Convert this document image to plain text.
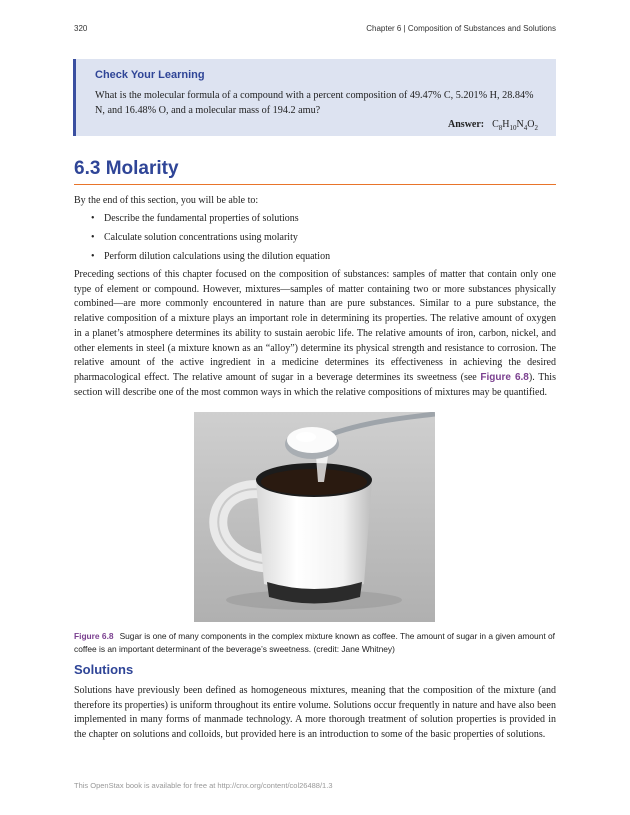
320	Chapter 6 | Composition of Substances and Solutions
Check Your Learning
What is the molecular formula of a compound with a percent composition of 49.47% C, 5.201% H, 28.84% N, and 16.48% O, and a molecular mass of 194.2 amu?
Answer: $C_8H_{10}N_4O_2$
6.3 Molarity
By the end of this section, you will be able to:
• Describe the fundamental properties of solutions
• Calculate solution concentrations using molarity
• Perform dilution calculations using the dilution equation

Preceding sections of this chapter focused on the composition of substances: samples of matter that contain only one type of element or compound. However, mixtures—samples of matter containing two or more substances physically combined—are more commonly encountered in nature than are pure substances. Similar to a pure substance, the relative composition of a mixture plays an important role in determining its properties. The relative amount of oxygen in a planet’s atmosphere determines its ability to sustain aerobic life. The relative amounts of iron, carbon, nickel, and other elements in steel (a mixture known as an “alloy”) determine its physical strength and resistance to corrosion. The relative amount of the active ingredient in a medicine determines its effectiveness in achieving the desired pharmacological effect. The relative amount of sugar in a beverage determines its sweetness (see Figure 6.8). This section will describe one of the most common ways in which the relative compositions of mixtures may be quantified.

Figure 6.8 Sugar is one of many components in the complex mixture known as coffee. The amount of sugar in a given amount of coffee is an important determinant of the beverage’s sweetness. (credit: Jane Whitney)

Solutions

Solutions have previously been defined as homogeneous mixtures, meaning that the composition of the mixture (and therefore its properties) is uniform throughout its entire volume. Solutions occur frequently in nature and have also been implemented in many forms of manmade technology. A more thorough treatment of solution properties is provided in the chapter on solutions and colloids, but provided here is an introduction to some of the basic properties of solutions.

This OpenStax book is available for free at http://cnx.org/content/col26488/1.3
